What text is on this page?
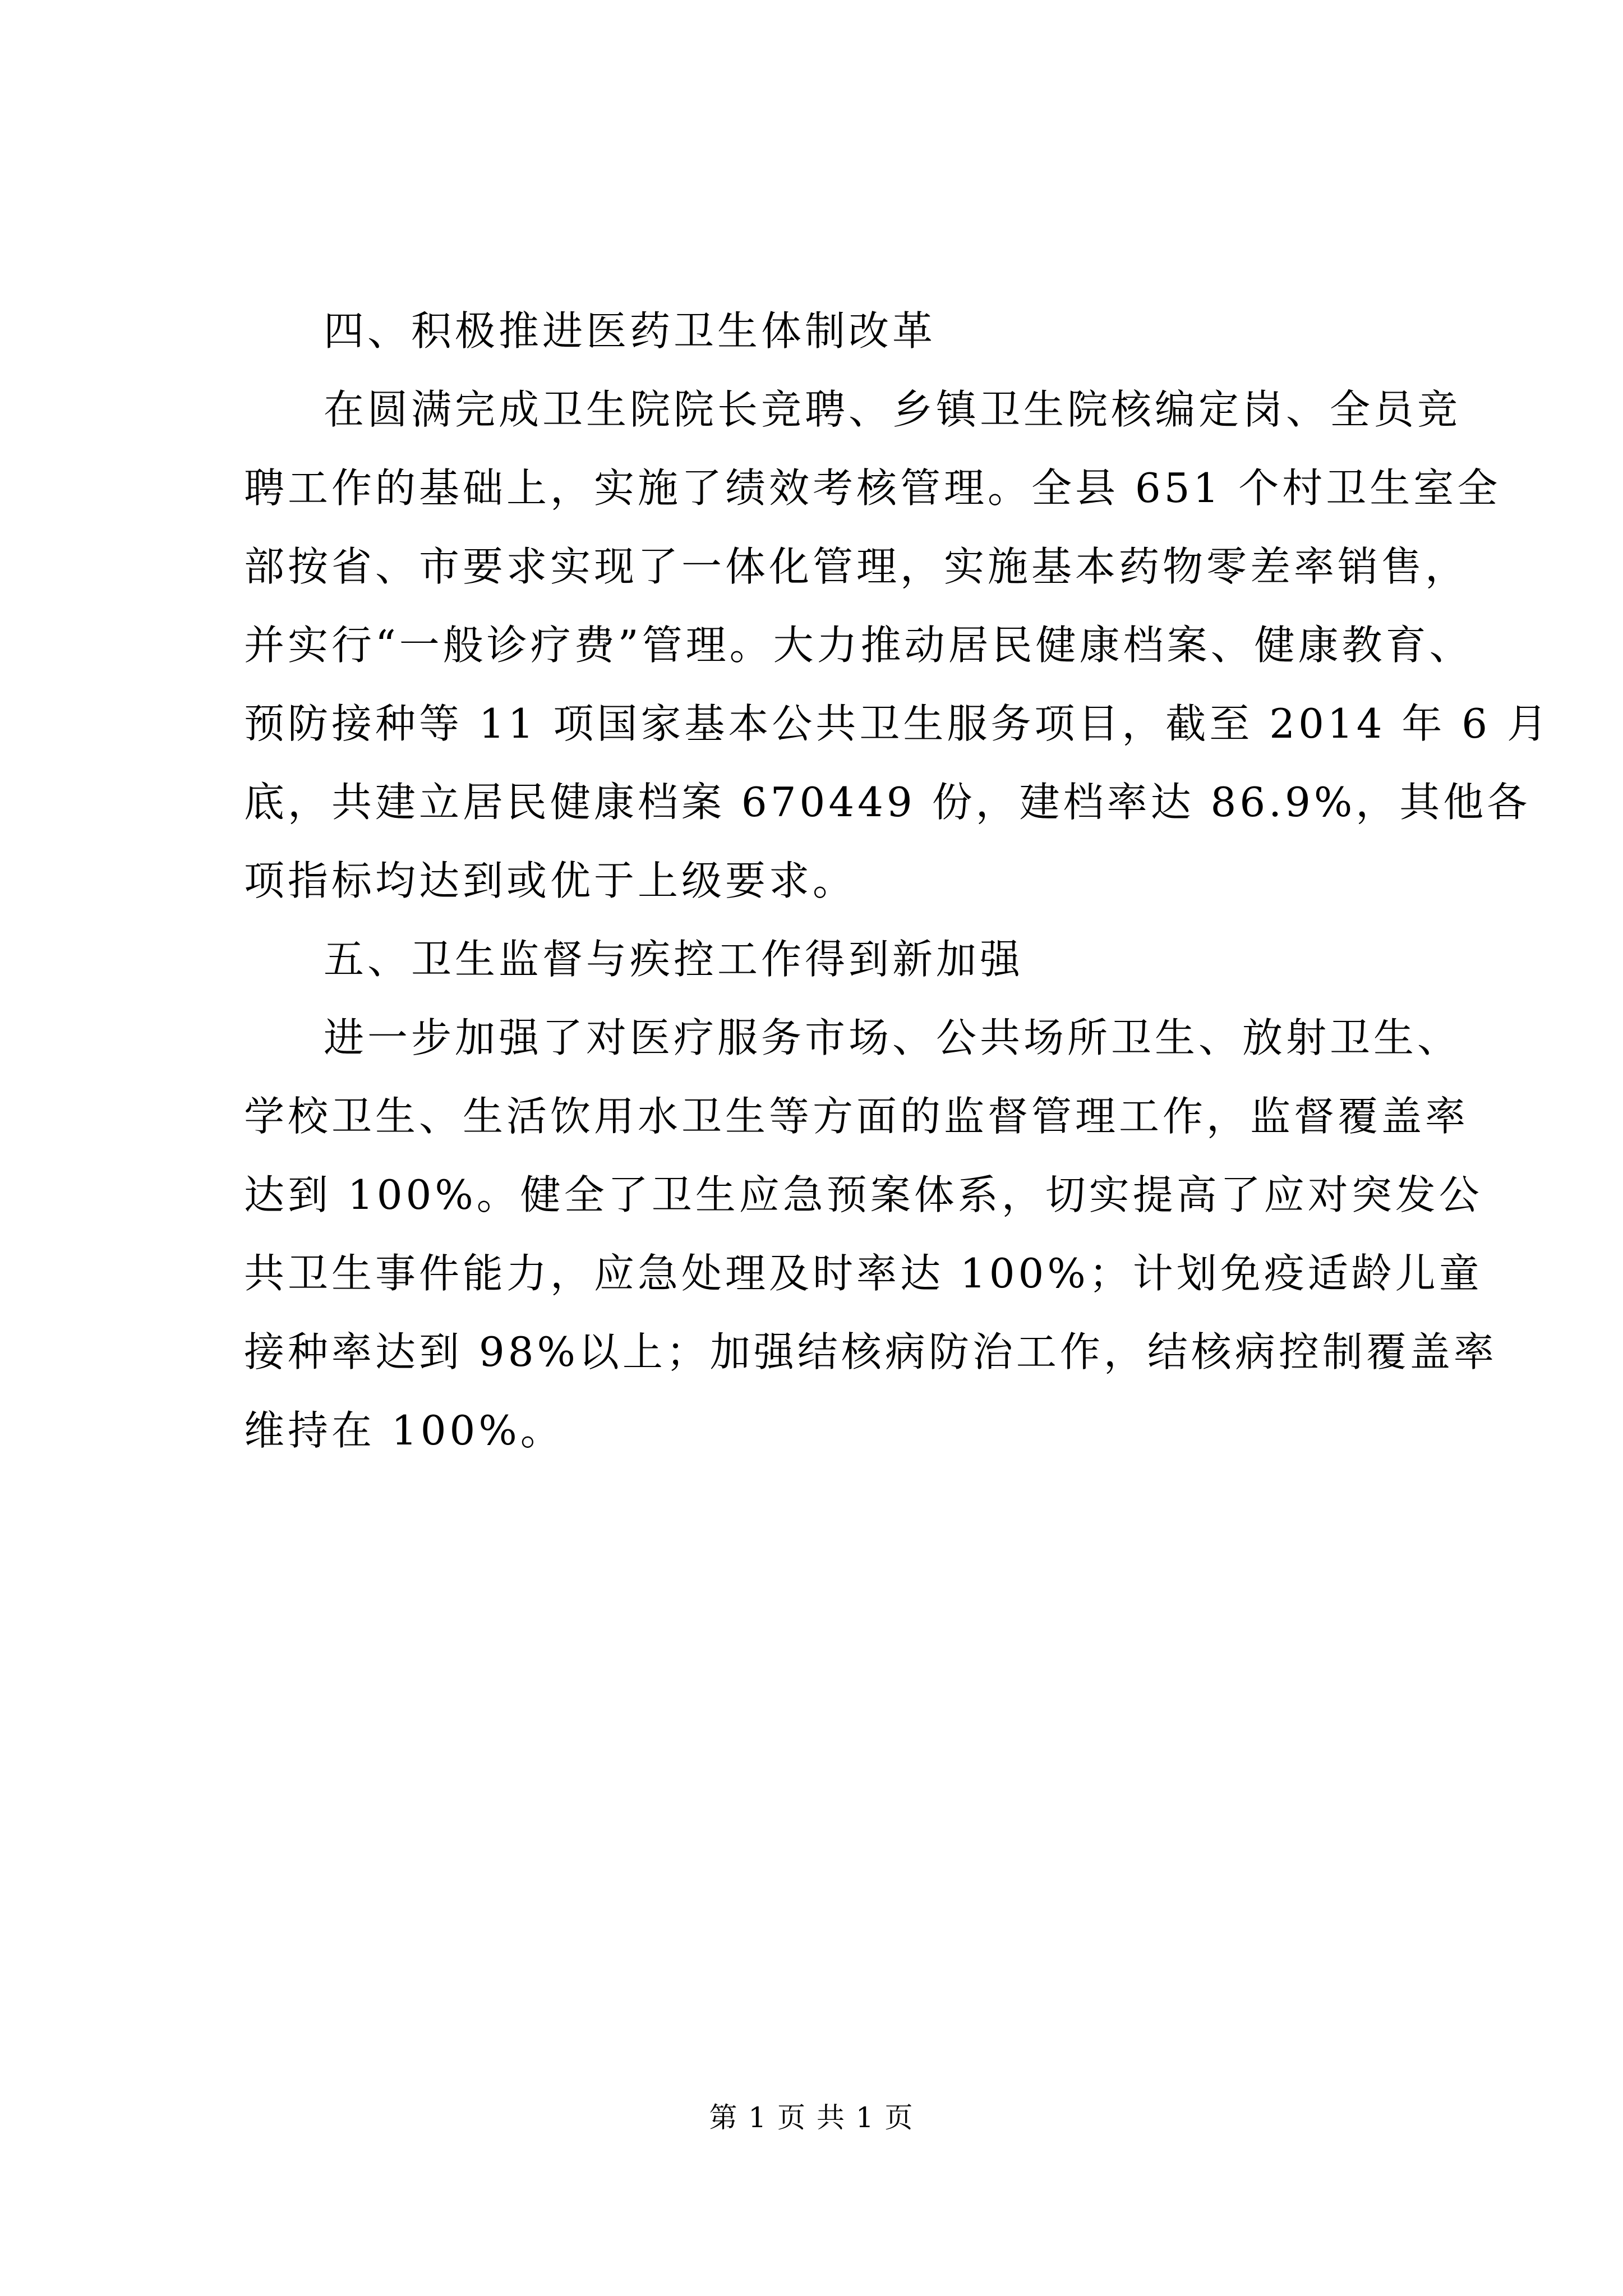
四、积极推进医药卫生体制改革
在圆满完成卫生院院长竞聘、乡镇卫生院核编定岗、全员竞
聘工作的基础上，实施了绩效考核管理。全县 651 个村卫生室全
部按省、市要求实现了一体化管理，实施基本药物零差率销售，
并实行“一般诊疗费”管理。大力推动居民健康档案、健康教育、
预防接种等 11 项国家基本公共卫生服务项目，截至 2014 年 6 月
底，共建立居民健康档案 670449 份，建档率达 86.9%，其他各
项指标均达到或优于上级要求。
五、卫生监督与疾控工作得到新加强
进一步加强了对医疗服务市场、公共场所卫生、放射卫生、
学校卫生、生活饮用水卫生等方面的监督管理工作，监督覆盖率
达到 100%。健全了卫生应急预案体系，切实提高了应对突发公
共卫生事件能力，应急处理及时率达 100%；计划免疫适龄儿童
接种率达到 98%以上；加强结核病防治工作，结核病控制覆盖率
维持在 100%。
第 1 页 共 1 页
